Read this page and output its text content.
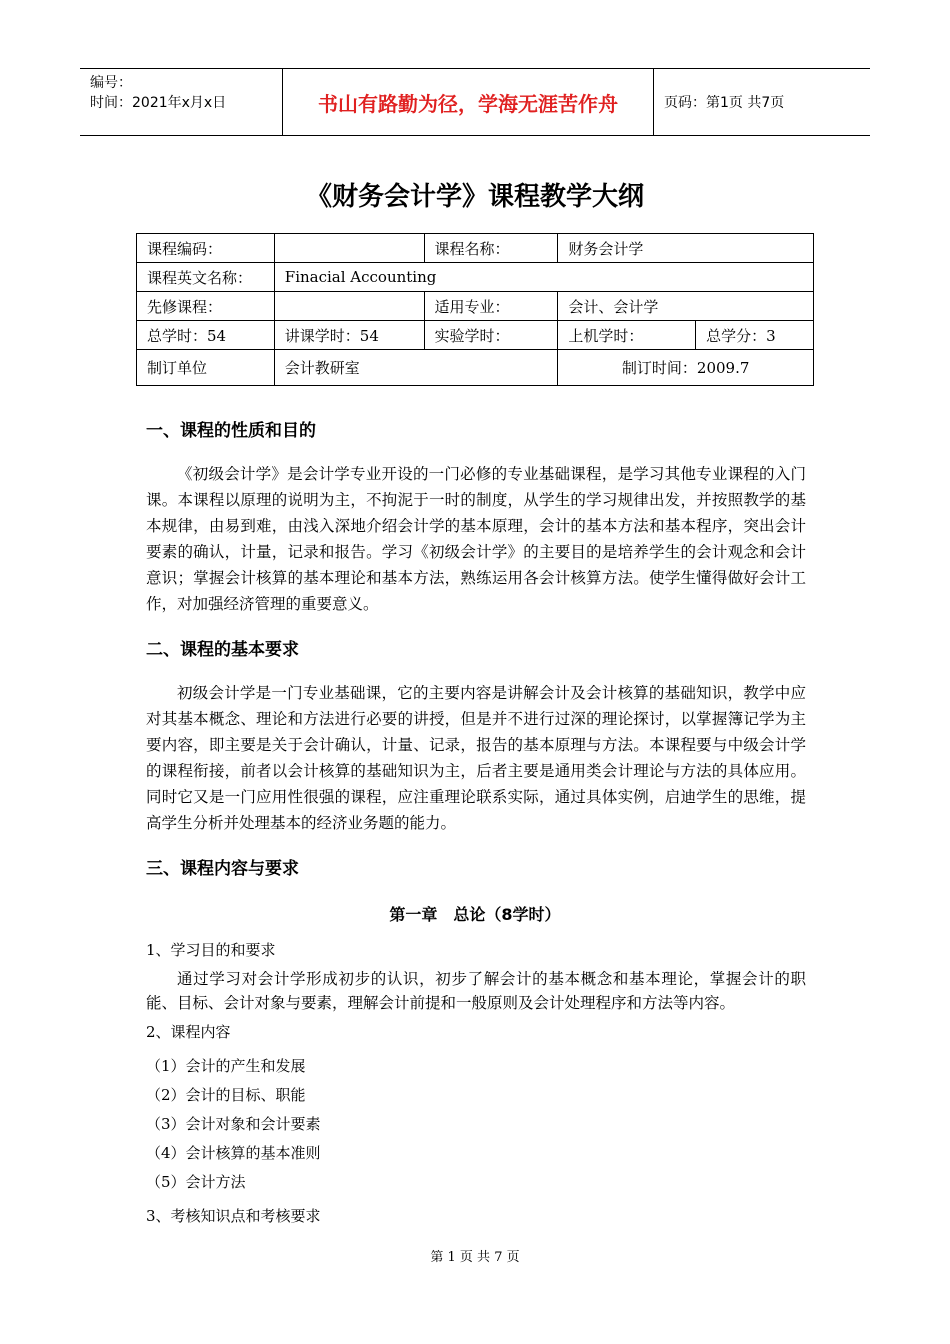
编号：
时间：2021年x月x日	书山有路勤为径，学海无涯苦作舟	页码：第1页 共7页
《财务会计学》课程教学大纲
课程编码：		课程名称：	财务会计学	
课程英文名称：	Finacial Accounting			
先修课程：		适用专业：	会计、会计学	
总学时：54	讲课学时：54	实验学时：	上机学时：	总学分：3
制订单位	会计教研室		制订时间：2009.7	
一、课程的性质和目的
《初级会计学》是会计学专业开设的一门必修的专业基础课程，是学习其他专业课程的入门课。本课程以原理的说明为主，不拘泥于一时的制度，从学生的学习规律出发，并按照教学的基本规律，由易到难，由浅入深地介绍会计学的基本原理，会计的基本方法和基本程序，突出会计要素的确认，计量，记录和报告。学习《初级会计学》的主要目的是培养学生的会计观念和会计意识；掌握会计核算的基本理论和基本方法，熟练运用各会计核算方法。使学生懂得做好会计工作，对加强经济管理的重要意义。
二、课程的基本要求
初级会计学是一门专业基础课，它的主要内容是讲解会计及会计核算的基础知识，教学中应对其基本概念、理论和方法进行必要的讲授，但是并不进行过深的理论探讨，以掌握簿记学为主要内容，即主要是关于会计确认，计量、记录，报告的基本原理与方法。本课程要与中级会计学的课程衔接，前者以会计核算的基础知识为主，后者主要是通用类会计理论与方法的具体应用。同时它又是一门应用性很强的课程，应注重理论联系实际，通过具体实例，启迪学生的思维，提高学生分析并处理基本的经济业务题的能力。
三、课程内容与要求
第一章　总论（8学时）
1、学习目的和要求
通过学习对会计学形成初步的认识，初步了解会计的基本概念和基本理论，掌握会计的职能、目标、会计对象与要素，理解会计前提和一般原则及会计处理程序和方法等内容。
2、课程内容
（1）会计的产生和发展
（2）会计的目标、职能
（3）会计对象和会计要素
（4）会计核算的基本准则
（5）会计方法
3、考核知识点和考核要求
第 1 页 共 7 页
